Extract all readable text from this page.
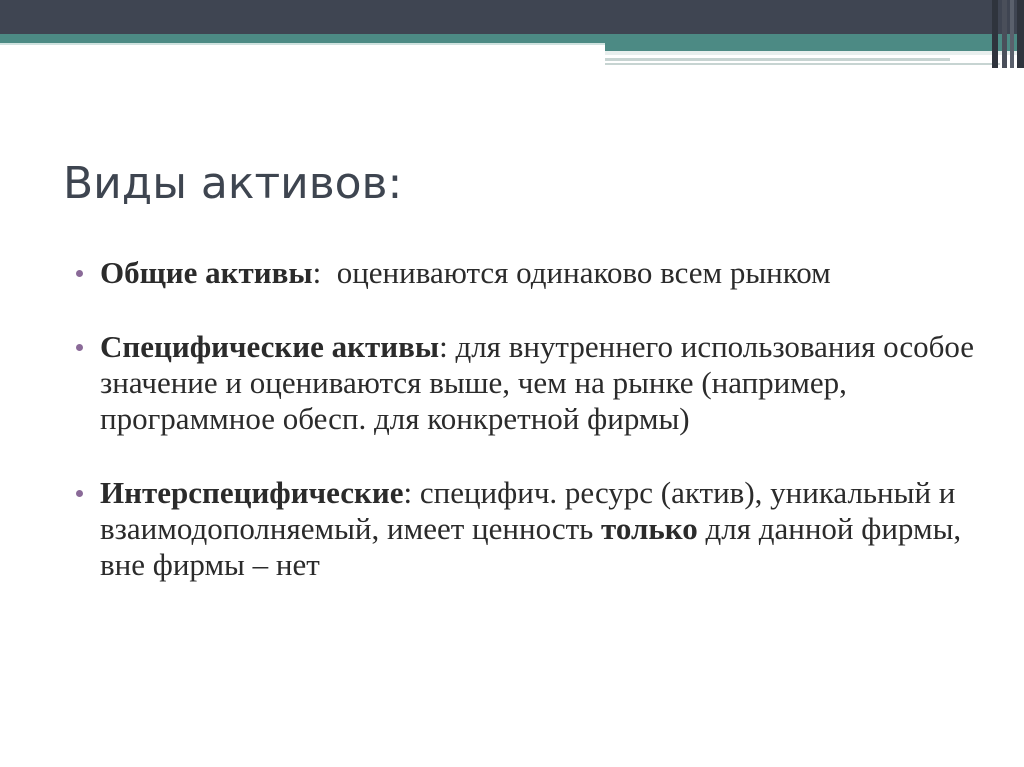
Виды активов:

Общие активы:  оцениваются одинаково всем рынком

Специфические активы: для внутреннего использования особое значение и оцениваются выше, чем на рынке (например, программное обесп. для конкретной фирмы)

Интерспецифические: специфич. ресурс (актив), уникальный и взаимодополняемый, имеет ценность только для данной фирмы, вне фирмы – нет
